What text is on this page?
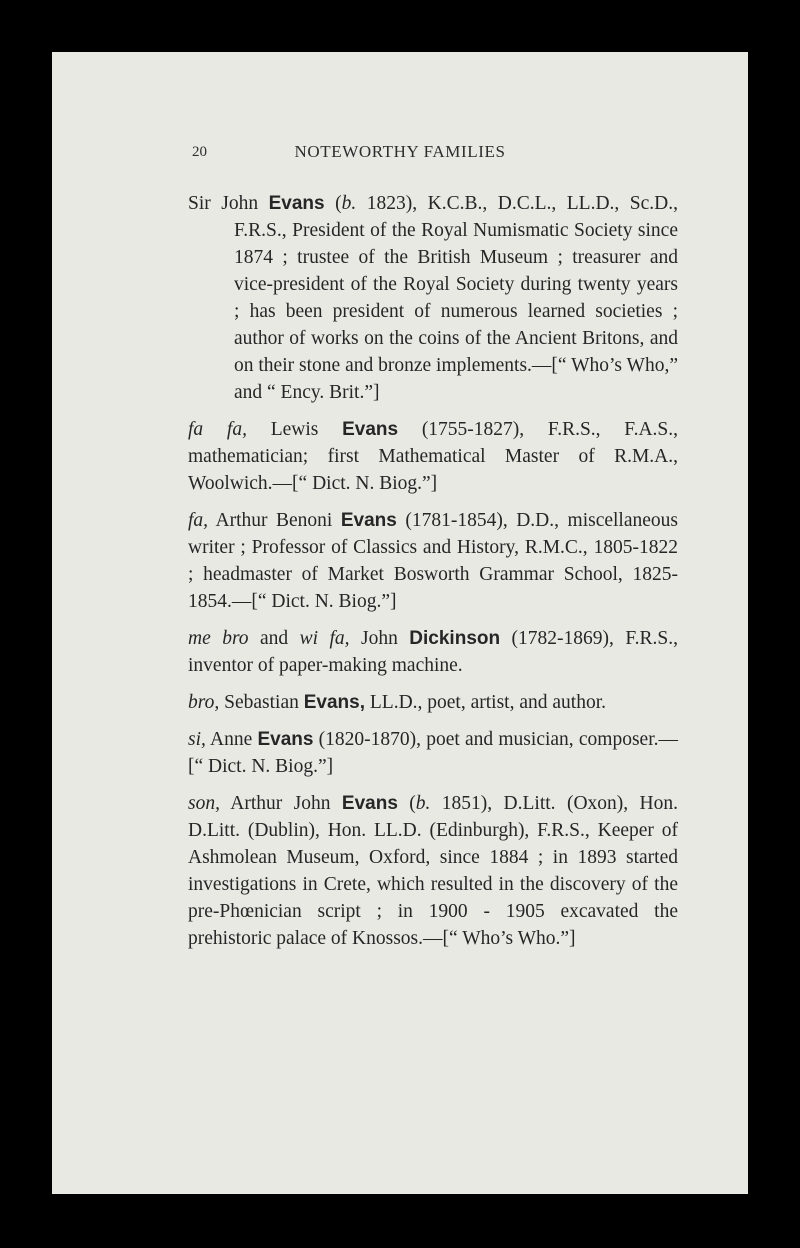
20	NOTEWORTHY FAMILIES

Sir John Evans (b. 1823), K.C.B., D.C.L., LL.D., Sc.D., F.R.S., President of the Royal Numismatic Society since 1874 ; trustee of the British Museum ; treasurer and vice-president of the Royal Society during twenty years ; has been president of numerous learned societies ; author of works on the coins of the Ancient Britons, and on their stone and bronze implements.—[“ Who’s Who,” and “ Ency. Brit.”]

fa fa, Lewis Evans (1755-1827), F.R.S., F.A.S., mathematician; first Mathematical Master of R.M.A., Woolwich.—[“ Dict. N. Biog.”]

fa, Arthur Benoni Evans (1781-1854), D.D., miscellaneous writer ; Professor of Classics and History, R.M.C., 1805-1822 ; headmaster of Market Bosworth Grammar School, 1825-1854.—[“ Dict. N. Biog.”]

me bro and wi fa, John Dickinson (1782-1869), F.R.S., inventor of paper-making machine.

bro, Sebastian Evans, LL.D., poet, artist, and author.

si, Anne Evans (1820-1870), poet and musician, composer.—[“ Dict. N. Biog.”]

son, Arthur John Evans (b. 1851), D.Litt. (Oxon), Hon. D.Litt. (Dublin), Hon. LL.D. (Edinburgh), F.R.S., Keeper of Ashmolean Museum, Oxford, since 1884 ; in 1893 started investigations in Crete, which resulted in the discovery of the pre-Phœnician script ; in 1900 - 1905 excavated the prehistoric palace of Knossos.—[“ Who’s Who.”]
